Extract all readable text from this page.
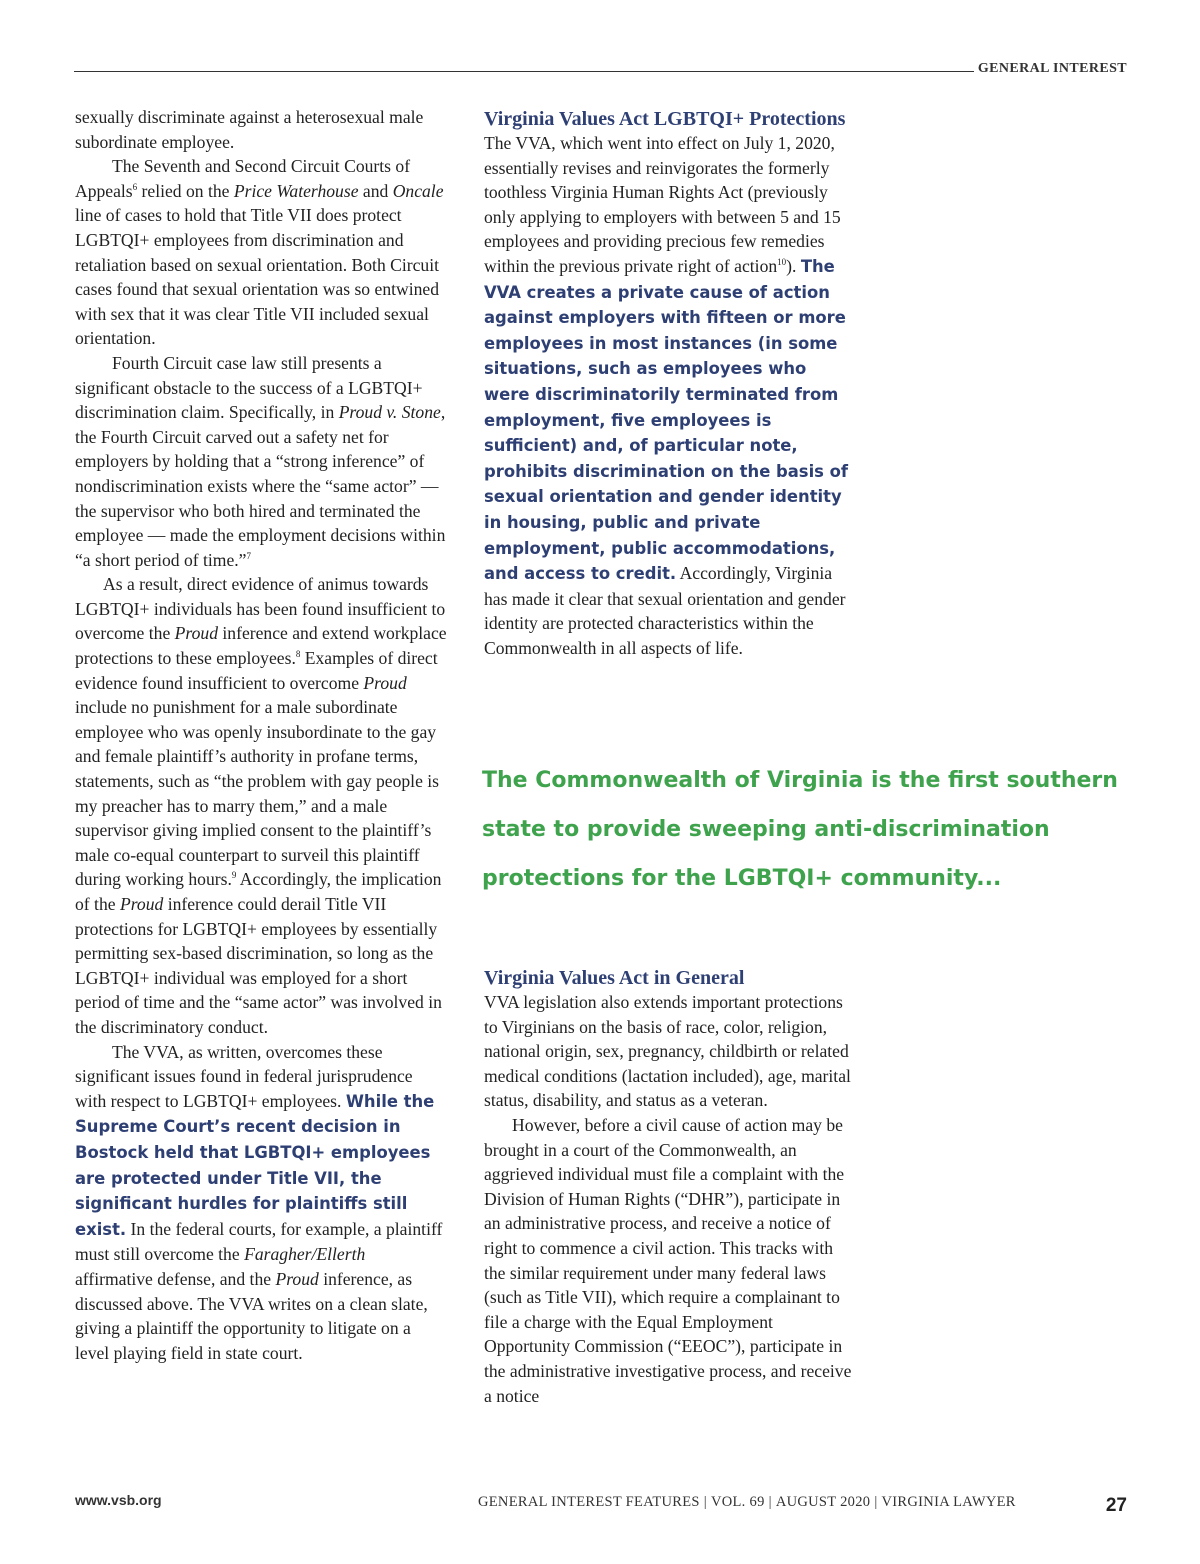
GENERAL INTEREST

sexually discriminate against a heterosexual male subordinate employee.

The Seventh and Second Circuit Courts of Appeals$^6$ relied on the Price Waterhouse and Oncale line of cases to hold that Title VII does protect LGBTQI+ employees from discrimination and retaliation based on sexual orientation. Both Circuit cases found that sexual orientation was so entwined with sex that it was clear Title VII included sexual orientation.

Fourth Circuit case law still presents a significant obstacle to the success of a LGBTQI+ discrimination claim. Specifically, in Proud v. Stone, the Fourth Circuit carved out a safety net for employers by holding that a “strong inference” of nondiscrimination exists where the “same actor” — the supervisor who both hired and terminated the employee — made the employment decisions within “a short period of time.”$^7$

As a result, direct evidence of animus towards LGBTQI+ individuals has been found insufficient to overcome the Proud inference and extend workplace protections to these employees.$^8$ Examples of direct evidence found insufficient to overcome Proud include no punishment for a male subordinate employee who was openly insubordinate to the gay and female plaintiff’s authority in profane terms, statements, such as “the problem with gay people is my preacher has to marry them,” and a male supervisor giving implied consent to the plaintiff’s male co-equal counterpart to surveil this plaintiff during working hours.$^9$ Accordingly, the implication of the Proud inference could derail Title VII protections for LGBTQI+ employees by essentially permitting sex-based discrimination, so long as the LGBTQI+ individual was employed for a short period of time and the “same actor” was involved in the discriminatory conduct.

The VVA, as written, overcomes these significant issues found in federal jurisprudence with respect to LGBTQI+ employees. While the Supreme Court’s recent decision in Bostock held that LGBTQI+ employees are protected under Title VII, the significant hurdles for plaintiffs still exist. In the federal courts, for example, a plaintiff must still overcome the Faragher/Ellerth affirmative defense, and the Proud inference, as discussed above. The VVA writes on a clean slate, giving a plaintiff the opportunity to litigate on a level playing field in state court.

Virginia Values Act LGBTQI+ Protections

The VVA, which went into effect on July 1, 2020, essentially revises and reinvigorates the formerly toothless Virginia Human Rights Act (previously only applying to employers with between 5 and 15 employees and providing precious few remedies within the previous private right of action$^{10}$). The VVA creates a private cause of action against employers with fifteen or more employees in most instances (in some situations, such as employees who were discriminatorily terminated from employment, five employees is sufficient) and, of particular note, prohibits discrimination on the basis of sexual orientation and gender identity in housing, public and private employment, public accommodations, and access to credit. Accordingly, Virginia has made it clear that sexual orientation and gender identity are protected characteristics within the Commonwealth in all aspects of life.

The Commonwealth of Virginia is the first southern state to provide sweeping anti-discrimination protections for the LGBTQI+ community...
Virginia Values Act in General

VVA legislation also extends important protections to Virginians on the basis of race, color, religion, national origin, sex, pregnancy, childbirth or related medical conditions (lactation included), age, marital status, disability, and status as a veteran.

However, before a civil cause of action may be brought in a court of the Commonwealth, an aggrieved individual must file a complaint with the Division of Human Rights (“DHR”), participate in an administrative process, and receive a notice of right to commence a civil action. This tracks with the similar requirement under many federal laws (such as Title VII), which require a complainant to file a charge with the Equal Employment Opportunity Commission (“EEOC”), participate in the administrative investigative process, and receive a notice

www.vsb.org	GENERAL INTEREST FEATURES | VOL. 69 | AUGUST 2020 | VIRGINIA LAWYER	27
